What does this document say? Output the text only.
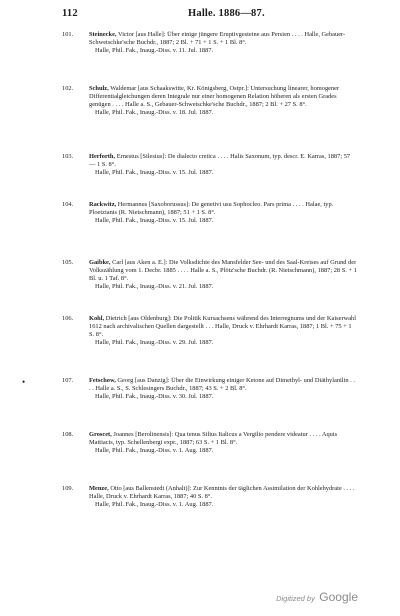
112	Halle. 1886—87.
101. Steinecke, Victor [aus Halle]: Über einige jüngere Eruptivgesteine aus Persien . . . . Halle, Gebauer-Schwetschke'sche Buchdr., 1887; 2 Bl. + 71 + 1 S. + 1 Bl. 8°.
Halle, Phil. Fak., Inaug.-Diss. v. 11. Jul. 1887.
102. Schulz, Waldemar [aus Schaakswitte, Kr. Königsberg, Ostpr.]: Untersuchung linearer, homogener Differentialgleichungen deren Integrale nur einer homogenen Relation höheren als ersten Grades genügen . . . . Halle a. S., Gebauer-Schwetschke'sche Buchdr., 1887; 2 Bl. + 27 S. 8°.
Halle, Phil. Fak., Inaug.-Diss. v. 18. Jul. 1887.
103. Herforth, Ernestus [Silesius]: De dialecto cretica . . . . Halis Saxonum, typ. descr. E. Karras, 1887; 57 — 1 S. 8°.
Halle, Phil. Fak., Inaug.-Diss. v. 15. Jul. 1887.
104. Rackwitz, Hermannus [Saxoborussus]: De genetivi usu Sophocleo. Pars prima . . . . Halae, typ. Ploetzianis (R. Nietschmann), 1887; 51 + 1 S. 8°.
Halle, Phil. Fak., Inaug.-Diss. v. 15. Jul. 1887.
105. Gaibke, Carl [aus Aken a. E.]: Die Volksdichte des Mansfelder See- und des Saal-Kreises auf Grund der Volkszählung vom 1. Decbr. 1885 . . . . Halle a. S., Plötz'sche Buchdr. (R. Nietschmann), 1887; 28 S. + 1 Bl. u. 1 Taf. 8°.
Halle, Phil. Fak., Inaug.-Diss. v. 21. Jul. 1887.
106. Kohl, Dietrich [aus Oldenburg]: Die Politik Kursachsens während des Interregnums und der Kaiserwahl 1612 nach archivalischen Quellen dargestellt . . . Halle, Druck v. Ehrhardt Karras, 1887; 1 Bl. + 75 + 1 S. 8°.
Halle, Phil. Fak., Inaug.-Diss. v. 29. Jul. 1887.
•	107. Fetschow, Georg [aus Danzig]: Über die Einwirkung einiger Ketone auf Dimethyl- und Diäthylanilin . . . . Halle a. S., S. Schlesingers Buchdr., 1887; 43 S. + 2 Bl. 8°.
Halle, Phil. Fak., Inaug.-Diss. v. 30. Jul. 1887.
108. Groscet, Joannes [Berolinensis]: Qua tenus Silius Italicus a Vergilio pendere videatur . . . . Aquis Mattiacis, typ. Schellenbergi expr., 1887; 63 S. + 1 Bl. 8°.
Halle, Phil. Fak., Inaug.-Diss. v. 1. Aug. 1887.
109. Menze, Otto [aus Ballenstedt (Anhalt)]: Zur Kenntnis der täglichen Assimilation der Kohlehydrate . . . . Halle, Druck v. Ehrhardt Karras, 1887; 40 S. 8°.
Halle, Phil. Fak., Inaug.-Diss. v. 1. Aug. 1887.
Digitized by Google
